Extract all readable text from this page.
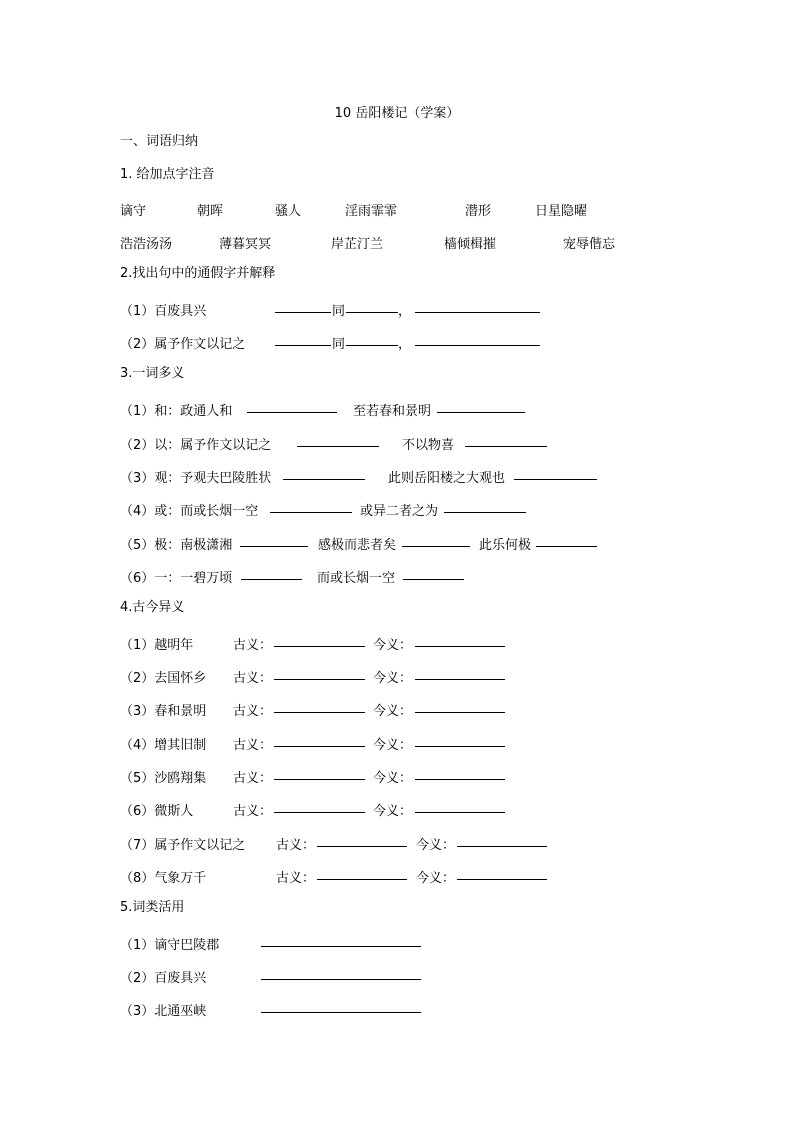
10 岳阳楼记（学案）
一、词语归纳
1. 给加点字注音
谪守	朝晖	骚人	淫雨霏霏	潜形	日星隐曜
浩浩汤汤	薄暮冥冥	岸芷汀兰	樯倾楫摧	宠辱偕忘
2.找出句中的通假字并解释
（1）百废具兴	同	，
（2）属予作文以记之	同	，
3.一词多义
（1）和：政通人和	至若春和景明
（2）以：属予作文以记之	不以物喜
（3）观：予观夫巴陵胜状	此则岳阳楼之大观也
（4）或：而或长烟一空	或异二者之为
（5）极：南极潇湘	感极而悲者矣	此乐何极
（6）一：一碧万顷	而或长烟一空
4.古今异义
（1）越明年	古义：	今义：
（2）去国怀乡 古义：	今义：
（3）春和景明 古义：	今义：
（4）增其旧制 古义：	今义：
（5）沙鸥翔集 古义：	今义：
（6）微斯人	古义：	今义：
（7）属予作文以记之 古义：	今义：
（8）气象万千	古义：	今义：
5.词类活用
（1）谪守巴陵郡
（2）百废具兴
（3）北通巫峡
